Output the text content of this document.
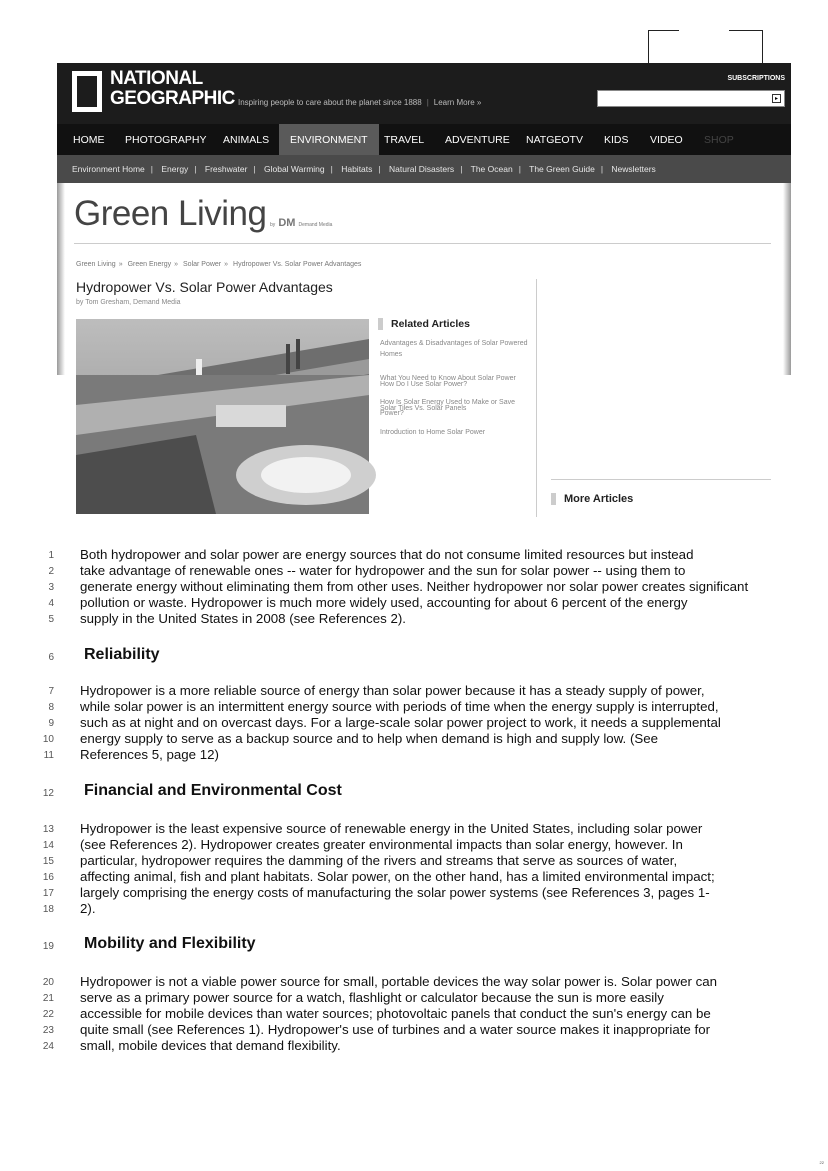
NATIONAL
GEOGRAPHIC Inspiring people to care about the planet since 1888 | Learn More »
SUBSCRIPTIONS
▸
HOME PHOTOGRAPHY ANIMALS	ENVIRONMENT	TRAVEL ADVENTURE NATGEOTV KIDS VIDEO SHOP
Environment Home | Energy | Freshwater | Global Warming | Habitats | Natural Disasters | The Ocean | The Green Guide | Newsletters
Green Living by DM Demand Media
Green Living » Green Energy » Solar Power » Hydropower Vs. Solar Power Advantages
Hydropower Vs. Solar Power Advantages
by Tom Gresham, Demand Media
Related Articles
Advantages & Disadvantages of Solar Powered Homes
What You Need to Know About Solar Power
How Is Solar Energy Used to Make or Save Power?
How Do I Use Solar Power?
Solar Tiles Vs. Solar Panels
Introduction to Home Solar Power
More Articles
1 Both hydropower and solar power are energy sources that do not consume limited resources but instead
2 take advantage of renewable ones -- water for hydropower and the sun for solar power -- using them to
3 generate energy without eliminating them from other uses. Neither hydropower nor solar power creates significant
4 pollution or waste. Hydropower is much more widely used, accounting for about 6 percent of the energy
5 supply in the United States in 2008 (see References 2).
6 Reliability
7 Hydropower is a more reliable source of energy than solar power because it has a steady supply of power,
8 while solar power is an intermittent energy source with periods of time when the energy supply is interrupted,
9 such as at night and on overcast days. For a large-scale solar power project to work, it needs a supplemental
10 energy supply to serve as a backup source and to help when demand is high and supply low. (See
11 References 5, page 12)
12 Financial and Environmental Cost
13 Hydropower is the least expensive source of renewable energy in the United States, including solar power
14 (see References 2). Hydropower creates greater environmental impacts than solar energy, however. In
15 particular, hydropower requires the damming of the rivers and streams that serve as sources of water,
16 affecting animal, fish and plant habitats. Solar power, on the other hand, has a limited environmental impact;
17 largely comprising the energy costs of manufacturing the solar power systems (see References 3, pages 1-
18 2).
19 Mobility and Flexibility
20 Hydropower is not a viable power source for small, portable devices the way solar power is. Solar power can
21 serve as a primary power source for a watch, flashlight or calculator because the sun is more easily
22 accessible for mobile devices than water sources; photovoltaic panels that conduct the sun's energy can be
23 quite small (see References 1). Hydropower's use of turbines and a water source makes it inappropriate for
24 small, mobile devices that demand flexibility.
22
